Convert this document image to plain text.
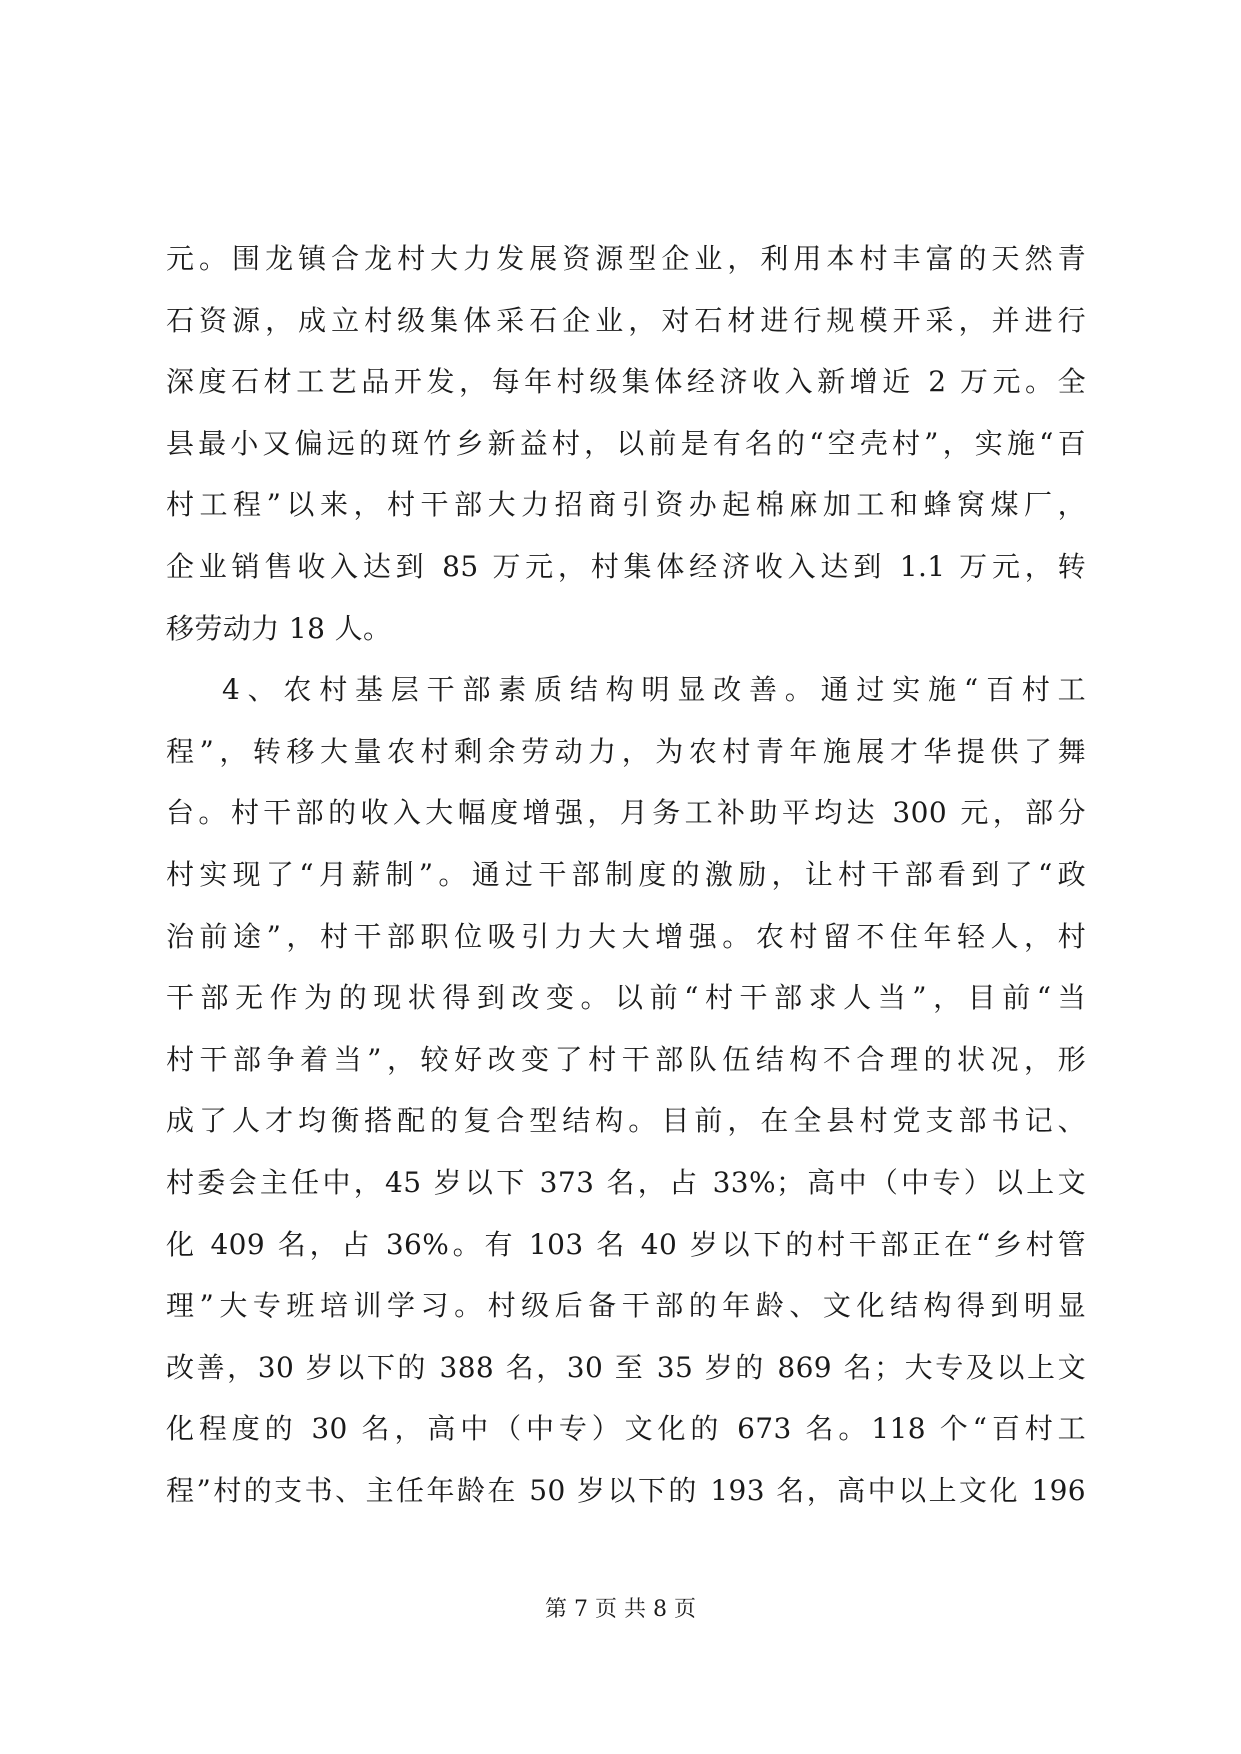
元。围龙镇合龙村大力发展资源型企业，利用本村丰富的天然青
石资源，成立村级集体采石企业，对石材进行规模开采，并进行
深度石材工艺品开发，每年村级集体经济收入新增近 2 万元。全
县最小又偏远的斑竹乡新益村，以前是有名的“空壳村”，实施“百
村工程”以来，村干部大力招商引资办起棉麻加工和蜂窝煤厂，
企业销售收入达到 85 万元，村集体经济收入达到 1.1 万元，转
移劳动力 18 人。
4、农村基层干部素质结构明显改善。通过实施“百村工
程”，转移大量农村剩余劳动力，为农村青年施展才华提供了舞
台。村干部的收入大幅度增强，月务工补助平均达 300 元，部分
村实现了“月薪制”。通过干部制度的激励，让村干部看到了“政
治前途”，村干部职位吸引力大大增强。农村留不住年轻人，村
干部无作为的现状得到改变。以前“村干部求人当”，目前“当
村干部争着当”，较好改变了村干部队伍结构不合理的状况，形
成了人才均衡搭配的复合型结构。目前，在全县村党支部书记、
村委会主任中，45 岁以下 373 名，占 33%；高中（中专）以上文
化 409 名，占 36%。有 103 名 40 岁以下的村干部正在“乡村管
理”大专班培训学习。村级后备干部的年龄、文化结构得到明显
改善，30 岁以下的 388 名，30 至 35 岁的 869 名；大专及以上文
化程度的 30 名，高中（中专）文化的 673 名。118 个“百村工
程”村的支书、主任年龄在 50 岁以下的 193 名，高中以上文化 196
第 7 页 共 8 页
